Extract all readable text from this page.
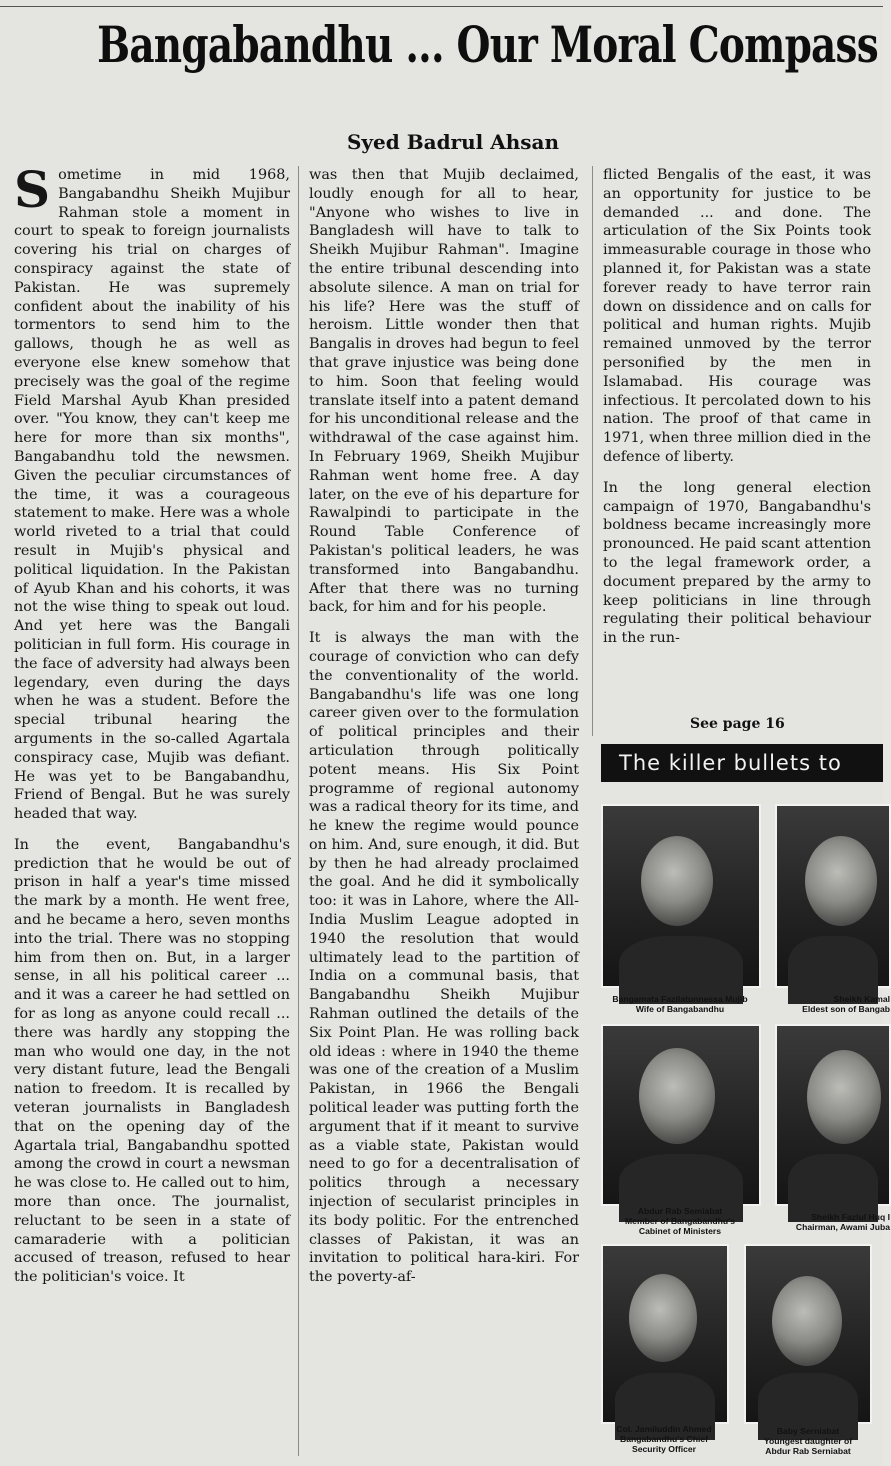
Bangabandhu ... Our Moral Compass
Syed Badrul Ahsan

Sometime in mid 1968, Bangabandhu Sheikh Mujibur Rahman stole a moment in court to speak to foreign journalists covering his trial on charges of conspiracy against the state of Pakistan. He was supremely confident about the inability of his tormentors to send him to the gallows, though he as well as everyone else knew somehow that precisely was the goal of the regime Field Marshal Ayub Khan presided over. "You know, they can't keep me here for more than six months", Bangabandhu told the newsmen. Given the peculiar circumstances of the time, it was a courageous statement to make. Here was a whole world riveted to a trial that could result in Mujib's physical and political liquidation. In the Pakistan of Ayub Khan and his cohorts, it was not the wise thing to speak out loud. And yet here was the Bangali politician in full form. His courage in the face of adversity had always been legendary, even during the days when he was a student. Before the special tribunal hearing the arguments in the so-called Agartala conspiracy case, Mujib was defiant. He was yet to be Bangabandhu, Friend of Bengal. But he was surely headed that way.

In the event, Bangabandhu's prediction that he would be out of prison in half a year's time missed the mark by a month. He went free, and he became a hero, seven months into the trial. There was no stopping him from then on. But, in a larger sense, in all his political career ... and it was a career he had settled on for as long as anyone could recall ... there was hardly any stopping the man who would one day, in the not very distant future, lead the Bengali nation to freedom. It is recalled by veteran journalists in Bangladesh that on the opening day of the Agartala trial, Bangabandhu spotted among the crowd in court a newsman he was close to. He called out to him, more than once. The journalist, reluctant to be seen in a state of camaraderie with a politician accused of treason, refused to hear the politician's voice. It

was then that Mujib declaimed, loudly enough for all to hear, "Anyone who wishes to live in Bangladesh will have to talk to Sheikh Mujibur Rahman". Imagine the entire tribunal descending into absolute silence. A man on trial for his life? Here was the stuff of heroism. Little wonder then that Bangalis in droves had begun to feel that grave injustice was being done to him. Soon that feeling would translate itself into a patent demand for his unconditional release and the withdrawal of the case against him. In February 1969, Sheikh Mujibur Rahman went home free. A day later, on the eve of his departure for Rawalpindi to participate in the Round Table Conference of Pakistan's political leaders, he was transformed into Bangabandhu. After that there was no turning back, for him and for his people.

It is always the man with the courage of conviction who can defy the conventionality of the world. Bangabandhu's life was one long career given over to the formulation of political principles and their articulation through politically potent means. His Six Point programme of regional autonomy was a radical theory for its time, and he knew the regime would pounce on him. And, sure enough, it did. But by then he had already proclaimed the goal. And he did it symbolically too: it was in Lahore, where the All-India Muslim League adopted in 1940 the resolution that would ultimately lead to the partition of India on a communal basis, that Bangabandhu Sheikh Mujibur Rahman outlined the details of the Six Point Plan. He was rolling back old ideas : where in 1940 the theme was one of the creation of a Muslim Pakistan, in 1966 the Bengali political leader was putting forth the argument that if it meant to survive as a viable state, Pakistan would need to go for a decentralisation of politics through a necessary injection of secularist principles in its body politic. For the entrenched classes of Pakistan, it was an invitation to political hara-kiri. For the poverty-af-

flicted Bengalis of the east, it was an opportunity for justice to be demanded ... and done. The articulation of the Six Points took immeasurable courage in those who planned it, for Pakistan was a state forever ready to have terror rain down on dissidence and on calls for political and human rights. Mujib remained unmoved by the terror personified by the men in Islamabad. His courage was infectious. It percolated down to his nation. The proof of that came in 1971, when three million died in the defence of liberty.

In the long general election campaign of 1970, Bangabandhu's boldness became increasingly more pronounced. He paid scant attention to the legal framework order, a document prepared by the army to keep politicians in line through regulating their political behaviour in the run-

See page 16
The killer bullets to
Bangamata Fazilatunnessa Mujib
Wife of Bangabandhu
Sheikh Kamal
Eldest son of Bangab
Abdur Rab Semiabat
Member of Bangabandhu's
Cabinet of Ministers
Sheikh Fazlul Huq I
Chairman, Awami Juba
Col. Jamiluddin Ahmed
Bangabandhu's Chief
Security Officer
Baby Serniabat
Youngest daughter of
Abdur Rab Serniabat
